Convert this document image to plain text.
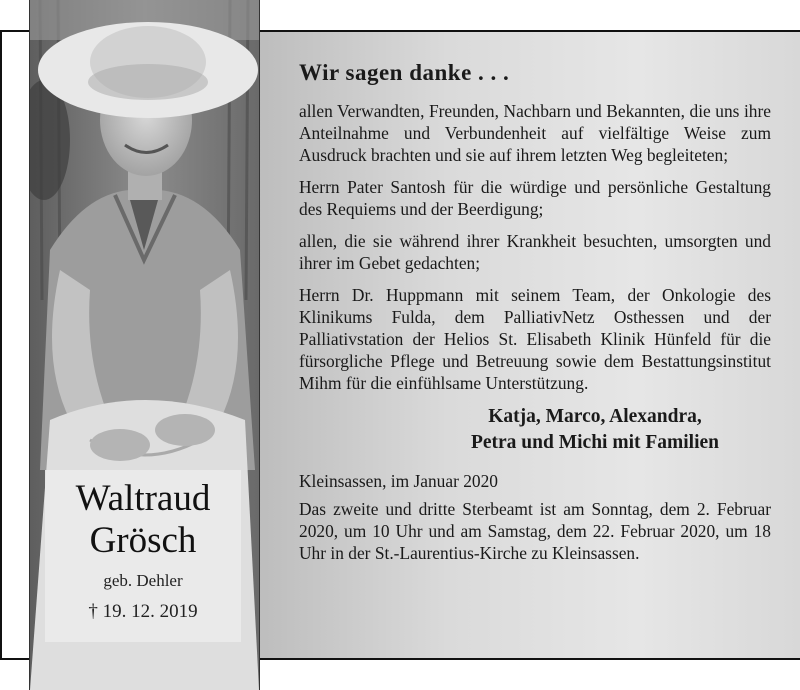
Waltraud
Grösch
geb. Dehler
† 19. 12. 2019
Wir sagen danke . . .

allen Verwandten, Freunden, Nachbarn und Bekannten, die uns ihre Anteilnahme und Verbundenheit auf vielfältige Weise zum Ausdruck brachten und sie auf ihrem letzten Weg begleiteten;

Herrn Pater Santosh für die würdige und persönliche Gestaltung des Requiems und der Beerdigung;

allen, die sie während ihrer Krankheit besuchten, umsorgten und ihrer im Gebet gedachten;

Herrn Dr. Huppmann mit seinem Team, der Onkologie des Klinikums Fulda, dem PalliativNetz Osthessen und der Palliativstation der Helios St. Elisabeth Klinik Hünfeld für die fürsorgliche Pflege und Betreuung sowie dem Bestattungsinstitut Mihm für die einfühlsame Unterstützung.

Katja, Marco, Alexandra,
Petra und Michi mit Familien
Kleinsassen, im Januar 2020

Das zweite und dritte Sterbeamt ist am Sonntag, dem 2. Februar 2020, um 10 Uhr und am Samstag, dem 22. Februar 2020, um 18 Uhr in der St.-Laurentius-Kirche zu Kleinsassen.
